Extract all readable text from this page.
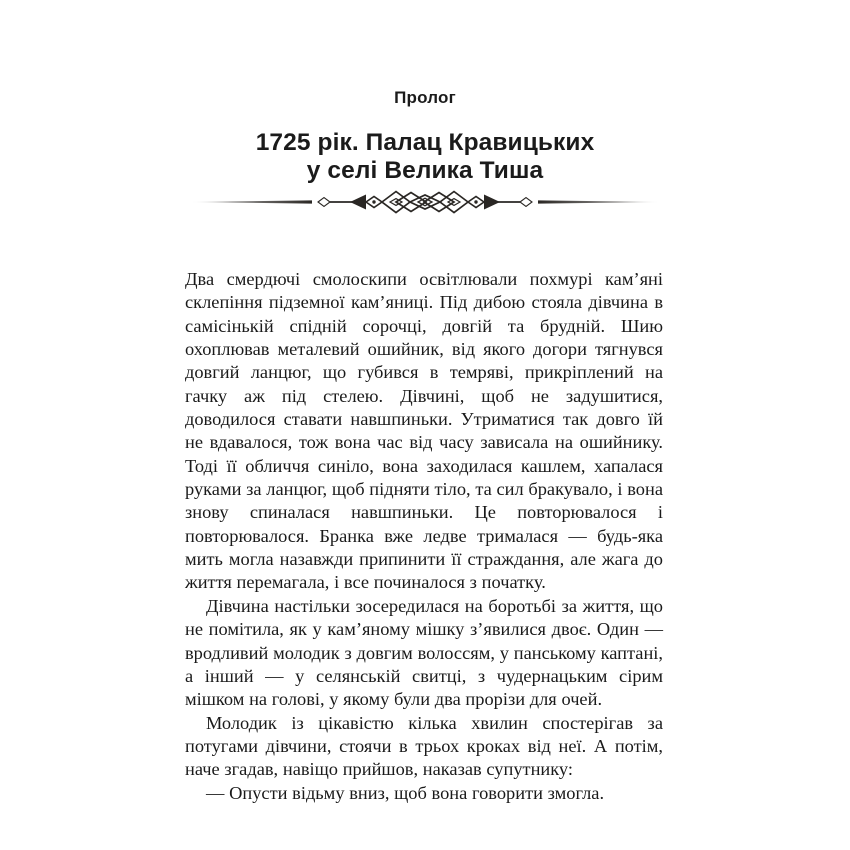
Пролог
1725 рік. Палац Кравицьких
у селі Велика Тиша

Два смердючі смолоскипи освітлювали похмурі кам’яні склепіння підземної кам’яниці. Під дибою стояла дівчина в самісінькій спідній сорочці, довгій та брудній. Шию охоплював металевий ошийник, від якого догори тягнувся довгий ланцюг, що губився в темряві, прикріплений на гачку аж під стелею. Дівчині, щоб не задушитися, доводилося ставати навшпиньки. Утриматися так довго їй не вдавалося, тож вона час від часу зависала на ошийнику. Тоді її обличчя синіло, вона заходилася кашлем, хапалася руками за ланцюг, щоб підняти тіло, та сил бракувало, і вона знову спиналася навшпиньки. Це повторювалося і повторювалося. Бранка вже ледве трималася — будь-яка мить могла назавжди припинити її страждання, але жага до життя перемагала, і все починалося з початку.

Дівчина настільки зосередилася на боротьбі за життя, що не помітила, як у кам’яному мішку з’явилися двоє. Один — вродливий молодик з довгим волоссям, у панському каптані, а інший — у селянській свитці, з чудернацьким сірим мішком на голові, у якому були два прорізи для очей.

Молодик із цікавістю кілька хвилин спостерігав за потугами дівчини, стоячи в трьох кроках від неї. А потім, наче згадав, навіщо прийшов, наказав супутнику:

— Опусти відьму вниз, щоб вона говорити змогла.
